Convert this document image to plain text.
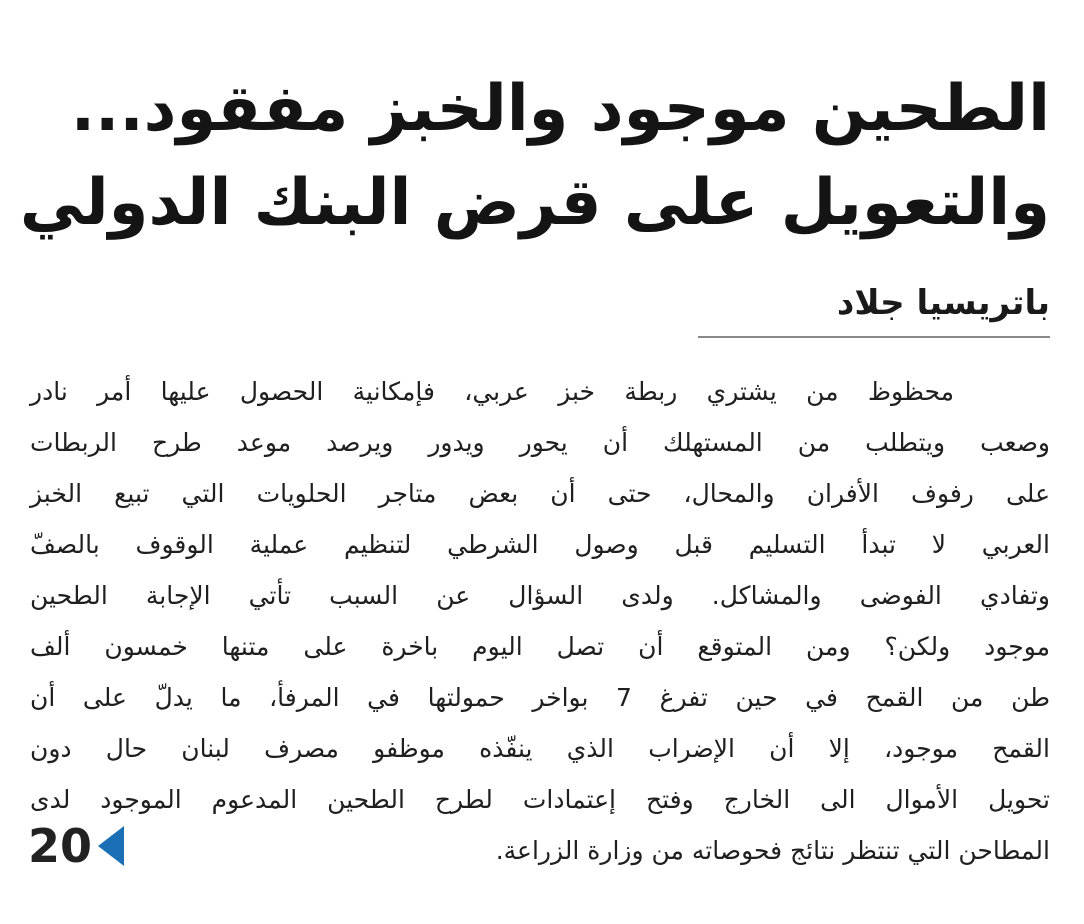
الطحين موجود والخبز مفقود...
والتعويل على قرض البنك الدولي
باتريسيا جلاد
محظوظ من يشتري ربطة خبز عربي، فإمكانية الحصول عليها أمر نادر
وصعب ويتطلب من المستهلك أن يحور ويدور ويرصد موعد طرح الربطات
على رفوف الأفران والمحال، حتى أن بعض متاجر الحلويات التي تبيع الخبز
العربي لا تبدأ التسليم قبل وصول الشرطي لتنظيم عملية الوقوف بالصفّ
وتفادي الفوضى والمشاكل. ولدى السؤال عن السبب تأتي الإجابة الطحين
موجود ولكن؟ ومن المتوقع أن تصل اليوم باخرة على متنها خمسون ألف
طن من القمح في حين تفرغ 7 بواخر حمولتها في المرفأ، ما يدلّ على أن
القمح موجود، إلا أن الإضراب الذي ينفّذه موظفو مصرف لبنان حال دون
تحويل الأموال الى الخارج وفتح إعتمادات لطرح الطحين المدعوم الموجود لدى
المطاحن التي تنتظر نتائج فحوصاته من وزارة الزراعة.
20
